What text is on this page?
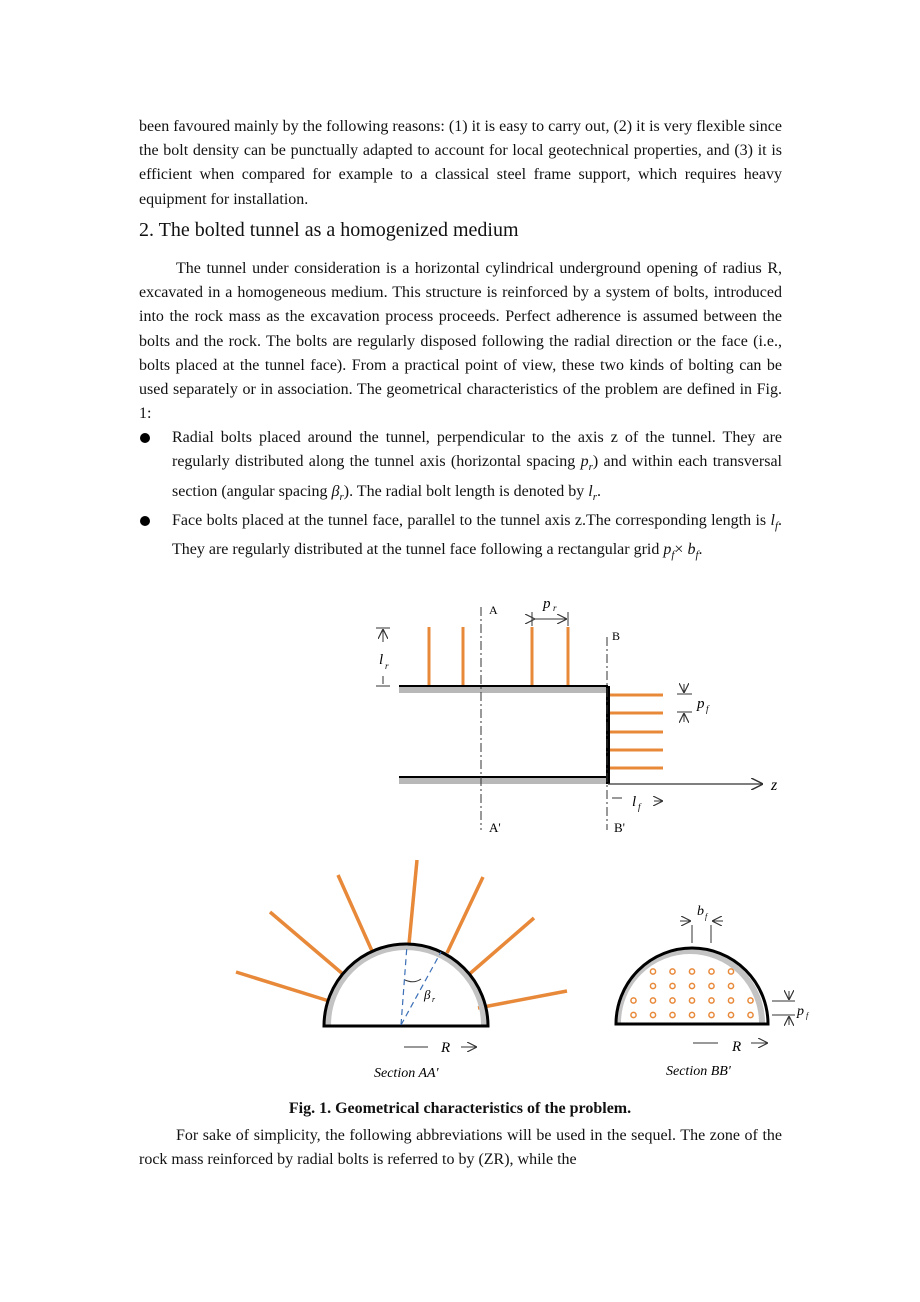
been favoured mainly by the following reasons: (1) it is easy to carry out, (2) it is very flexible since the bolt density can be punctually adapted to account for local geotechnical properties, and (3) it is efficient when compared for example to a classical steel frame support, which requires heavy equipment for installation.

2. The bolted tunnel as a homogenized medium

The tunnel under consideration is a horizontal cylindrical underground opening of radius R, excavated in a homogeneous medium. This structure is reinforced by a system of bolts, introduced into the rock mass as the excavation process proceeds. Perfect adherence is assumed between the bolts and the rock. The bolts are regularly disposed following the radial direction or the face (i.e., bolts placed at the tunnel face). From a practical point of view, these two kinds of bolting can be used separately or in association. The geometrical characteristics of the problem are defined in Fig. 1:

Radial bolts placed around the tunnel, perpendicular to the axis z of the tunnel. They are regularly distributed along the tunnel axis (horizontal spacing $p_r$) and within each transversal section (angular spacing $\beta_r$). The radial bolt length is denoted by $l_r$.
Face bolts placed at the tunnel face, parallel to the tunnel axis z.The corresponding length is $l_f$. They are regularly distributed at the tunnel face following a rectangular grid $p_f\times b_f$.
z
A
B
A'	B'
p r
l r
p f
l f
β r
R
Section AA'
b f
p f
R
Section BB'
Fig. 1. Geometrical characteristics of the problem.

For sake of simplicity, the following abbreviations will be used in the sequel. The zone of the rock mass reinforced by radial bolts is referred to by (ZR), while the
